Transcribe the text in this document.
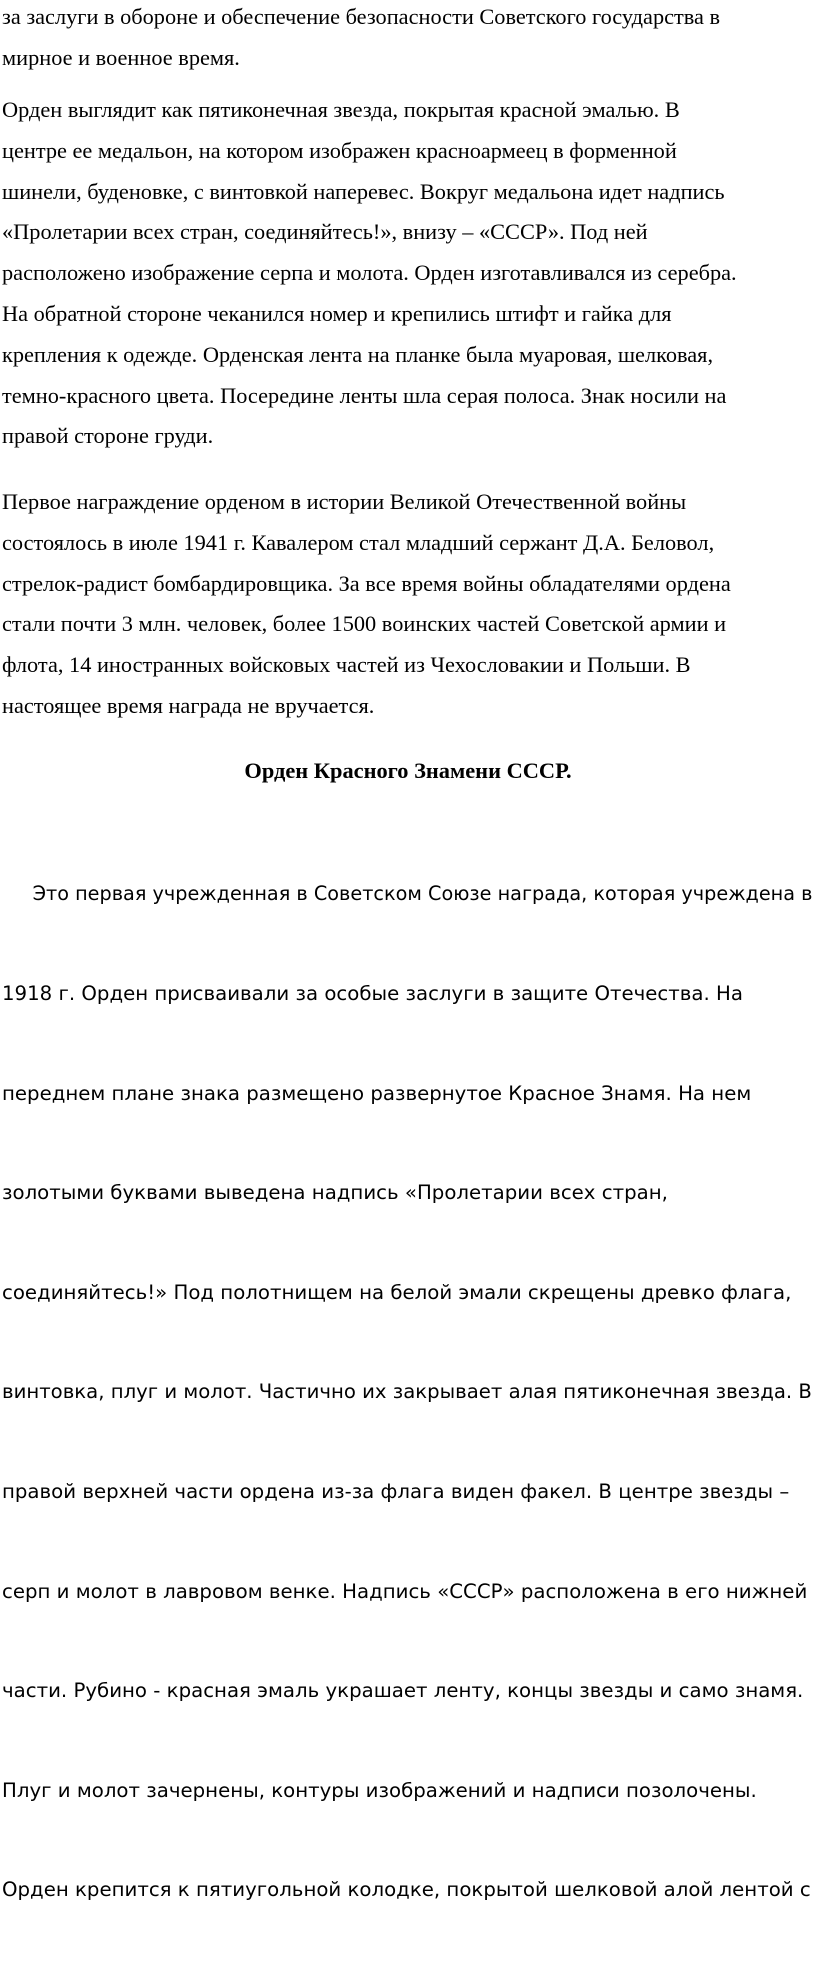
за заслуги в обороне и обеспечение безопасности Советского государства в
мирное и военное время.
Орден выглядит как пятиконечная звезда, покрытая красной эмалью. В
центре ее медальон, на котором изображен красноармеец в форменной
шинели, буденовке, с винтовкой наперевес. Вокруг медальона идет надпись
«Пролетарии всех стран, соединяйтесь!», внизу – «СССР». Под ней
расположено изображение серпа и молота. Орден изготавливался из серебра.
На обратной стороне чеканился номер и крепились штифт и гайка для
крепления к одежде. Орденская лента на планке была муаровая, шелковая,
темно-красного цвета. Посередине ленты шла серая полоса. Знак носили на
правой стороне груди.
Первое награждение орденом в истории Великой Отечественной войны
состоялось в июле 1941 г. Кавалером стал младший сержант Д.А. Беловол,
стрелок-радист бомбардировщика. За все время войны обладателями ордена
стали почти 3 млн. человек, более 1500 воинских частей Советской армии и
флота, 14 иностранных войсковых частей из Чехословакии и Польши. В
настоящее время награда не вручается.
Орден Красного Знамени СССР.

Это первая учрежденная в Советском Союзе награда, которая учреждена в

1918 г. Орден присваивали за особые заслуги в защите Отечества. На

переднем плане знака размещено развернутое Красное Знамя. На нем

золотыми буквами выведена надпись «Пролетарии всех стран,

соединяйтесь!» Под полотнищем на белой эмали скрещены древко флага,

винтовка, плуг и молот. Частично их закрывает алая пятиконечная звезда. В

правой верхней части ордена из-за флага виден факел. В центре звезды –

серп и молот в лавровом венке. Надпись «СССР» расположена в его нижней

части. Рубино - красная эмаль украшает ленту, концы звезды и само знамя.

Плуг и молот зачернены, контуры изображений и надписи позолочены.

Орден крепится к пятиугольной колодке, покрытой шелковой алой лентой с
